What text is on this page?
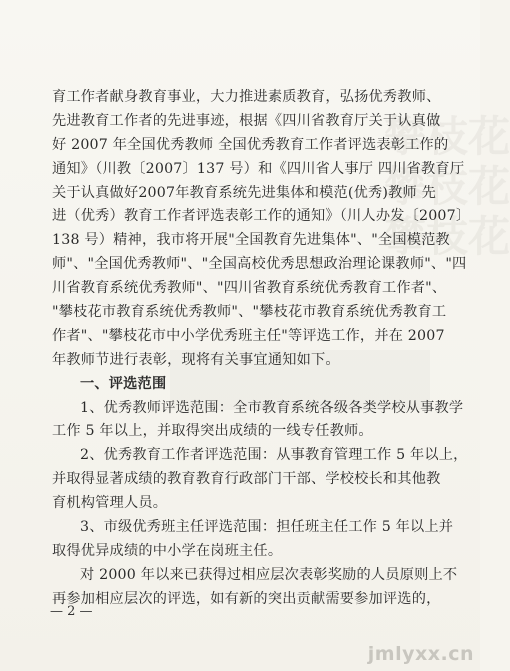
攀枝花
攀枝花
攀枝花
育工作者献身教育事业，大力推进素质教育，弘扬优秀教师、
先进教育工作者的先进事迹，根据《四川省教育厅关于认真做
好 2007 年全国优秀教师 全国优秀教育工作者评选表彰工作的
通知》（川教〔2007〕137 号）和《四川省人事厅 四川省教育厅
关于认真做好2007年教育系统先进集体和模范(优秀)教师 先
进（优秀）教育工作者评选表彰工作的通知》（川人办发〔2007〕
138 号）精神，我市将开展"全国教育先进集体"、"全国模范教
师"、"全国优秀教师"、"全国高校优秀思想政治理论课教师"、"四
川省教育系统优秀教师"、"四川省教育系统优秀教育工作者"、
"攀枝花市教育系统优秀教师"、"攀枝花市教育系统优秀教育工
作者"、"攀枝花市中小学优秀班主任"等评选工作，并在 2007
年教师节进行表彰，现将有关事宜通知如下。
一、评选范围
1、优秀教师评选范围：全市教育系统各级各类学校从事教学
工作 5 年以上，并取得突出成绩的一线专任教师。
2、优秀教育工作者评选范围：从事教育管理工作 5 年以上，
并取得显著成绩的教育教育行政部门干部、学校校长和其他教
育机构管理人员。
3、市级优秀班主任评选范围：担任班主任工作 5 年以上并
取得优异成绩的中小学在岗班主任。
对 2000 年以来已获得过相应层次表彰奖励的人员原则上不
再参加相应层次的评选，如有新的突出贡献需要参加评选的，
— 2 —
jmlyxx.cn
